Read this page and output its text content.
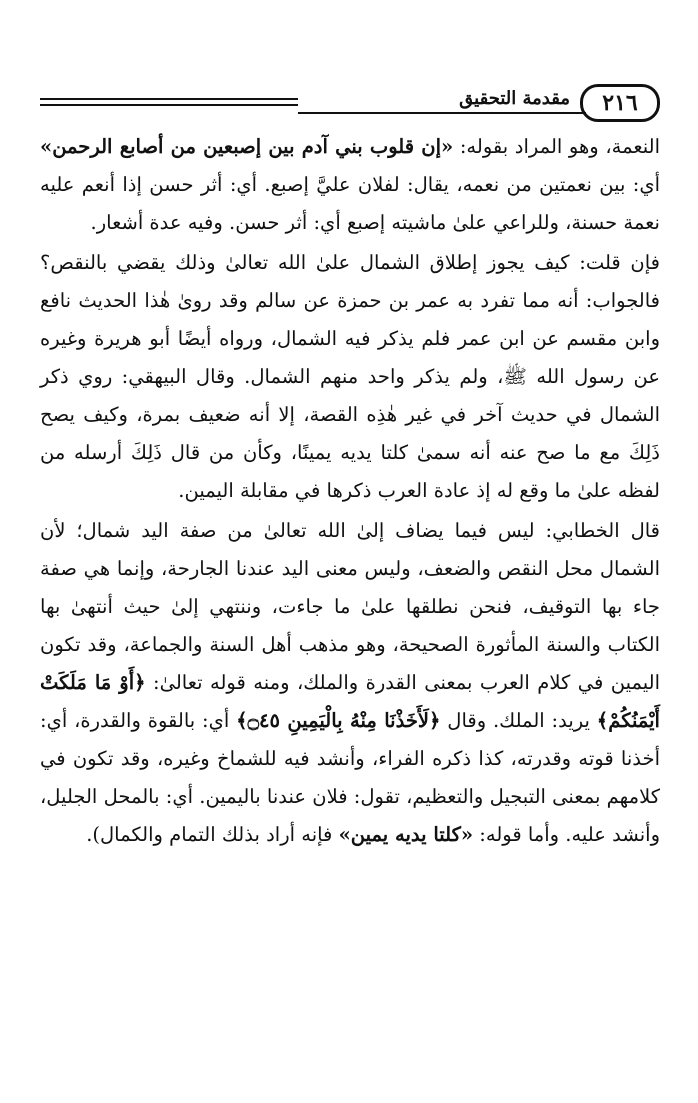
٢١٦
مقدمة التحقيق

النعمة، وهو المراد بقوله: «إن قلوب بني آدم بين إصبعين من أصابع الرحمن» أي: بين نعمتين من نعمه، يقال: لفلان عليَّ إصبع. أي: أثر حسن إذا أنعم عليه نعمة حسنة، وللراعي علىٰ ماشيته إصبع أي: أثر حسن. وفيه عدة أشعار.

فإن قلت: كيف يجوز إطلاق الشمال علىٰ الله تعالىٰ وذلك يقضي بالنقص؟ فالجواب: أنه مما تفرد به عمر بن حمزة عن سالم وقد روىٰ هٰذا الحديث نافع وابن مقسم عن ابن عمر فلم يذكر فيه الشمال، ورواه أيضًا أبو هريرة وغيره عن رسول الله ﷺ، ولم يذكر واحد منهم الشمال. وقال البيهقي: روي ذكر الشمال في حديث آخر في غير هٰذِه القصة، إلا أنه ضعيف بمرة، وكيف يصح ذَلِكَ مع ما صح عنه أنه سمىٰ كلتا يديه يمينًا، وكأن من قال ذَلِكَ أرسله من لفظه علىٰ ما وقع له إذ عادة العرب ذكرها في مقابلة اليمين.

قال الخطابي: ليس فيما يضاف إلىٰ الله تعالىٰ من صفة اليد شمال؛ لأن الشمال محل النقص والضعف، وليس معنى اليد عندنا الجارحة، وإنما هي صفة جاء بها التوقيف، فنحن نطلقها علىٰ ما جاءت، وننتهي إلىٰ حيث أنتهىٰ بها الكتاب والسنة المأثورة الصحيحة، وهو مذهب أهل السنة والجماعة، وقد تكون اليمين في كلام العرب بمعنى القدرة والملك، ومنه قوله تعالىٰ: ﴿أَوْ مَا مَلَكَتْ أَيْمَنُكُمْ﴾ يريد: الملك. وقال ﴿لَأَخَذْنَا مِنْهُ بِالْيَمِينِ ۝٤٥﴾ أي: بالقوة والقدرة، أي: أخذنا قوته وقدرته، كذا ذكره الفراء، وأنشد فيه للشماخ وغيره، وقد تكون في كلامهم بمعنى التبجيل والتعظيم، تقول: فلان عندنا باليمين. أي: بالمحل الجليل، وأنشد عليه. وأما قوله: «كلتا يديه يمين» فإنه أراد بذلك التمام والكمال).
